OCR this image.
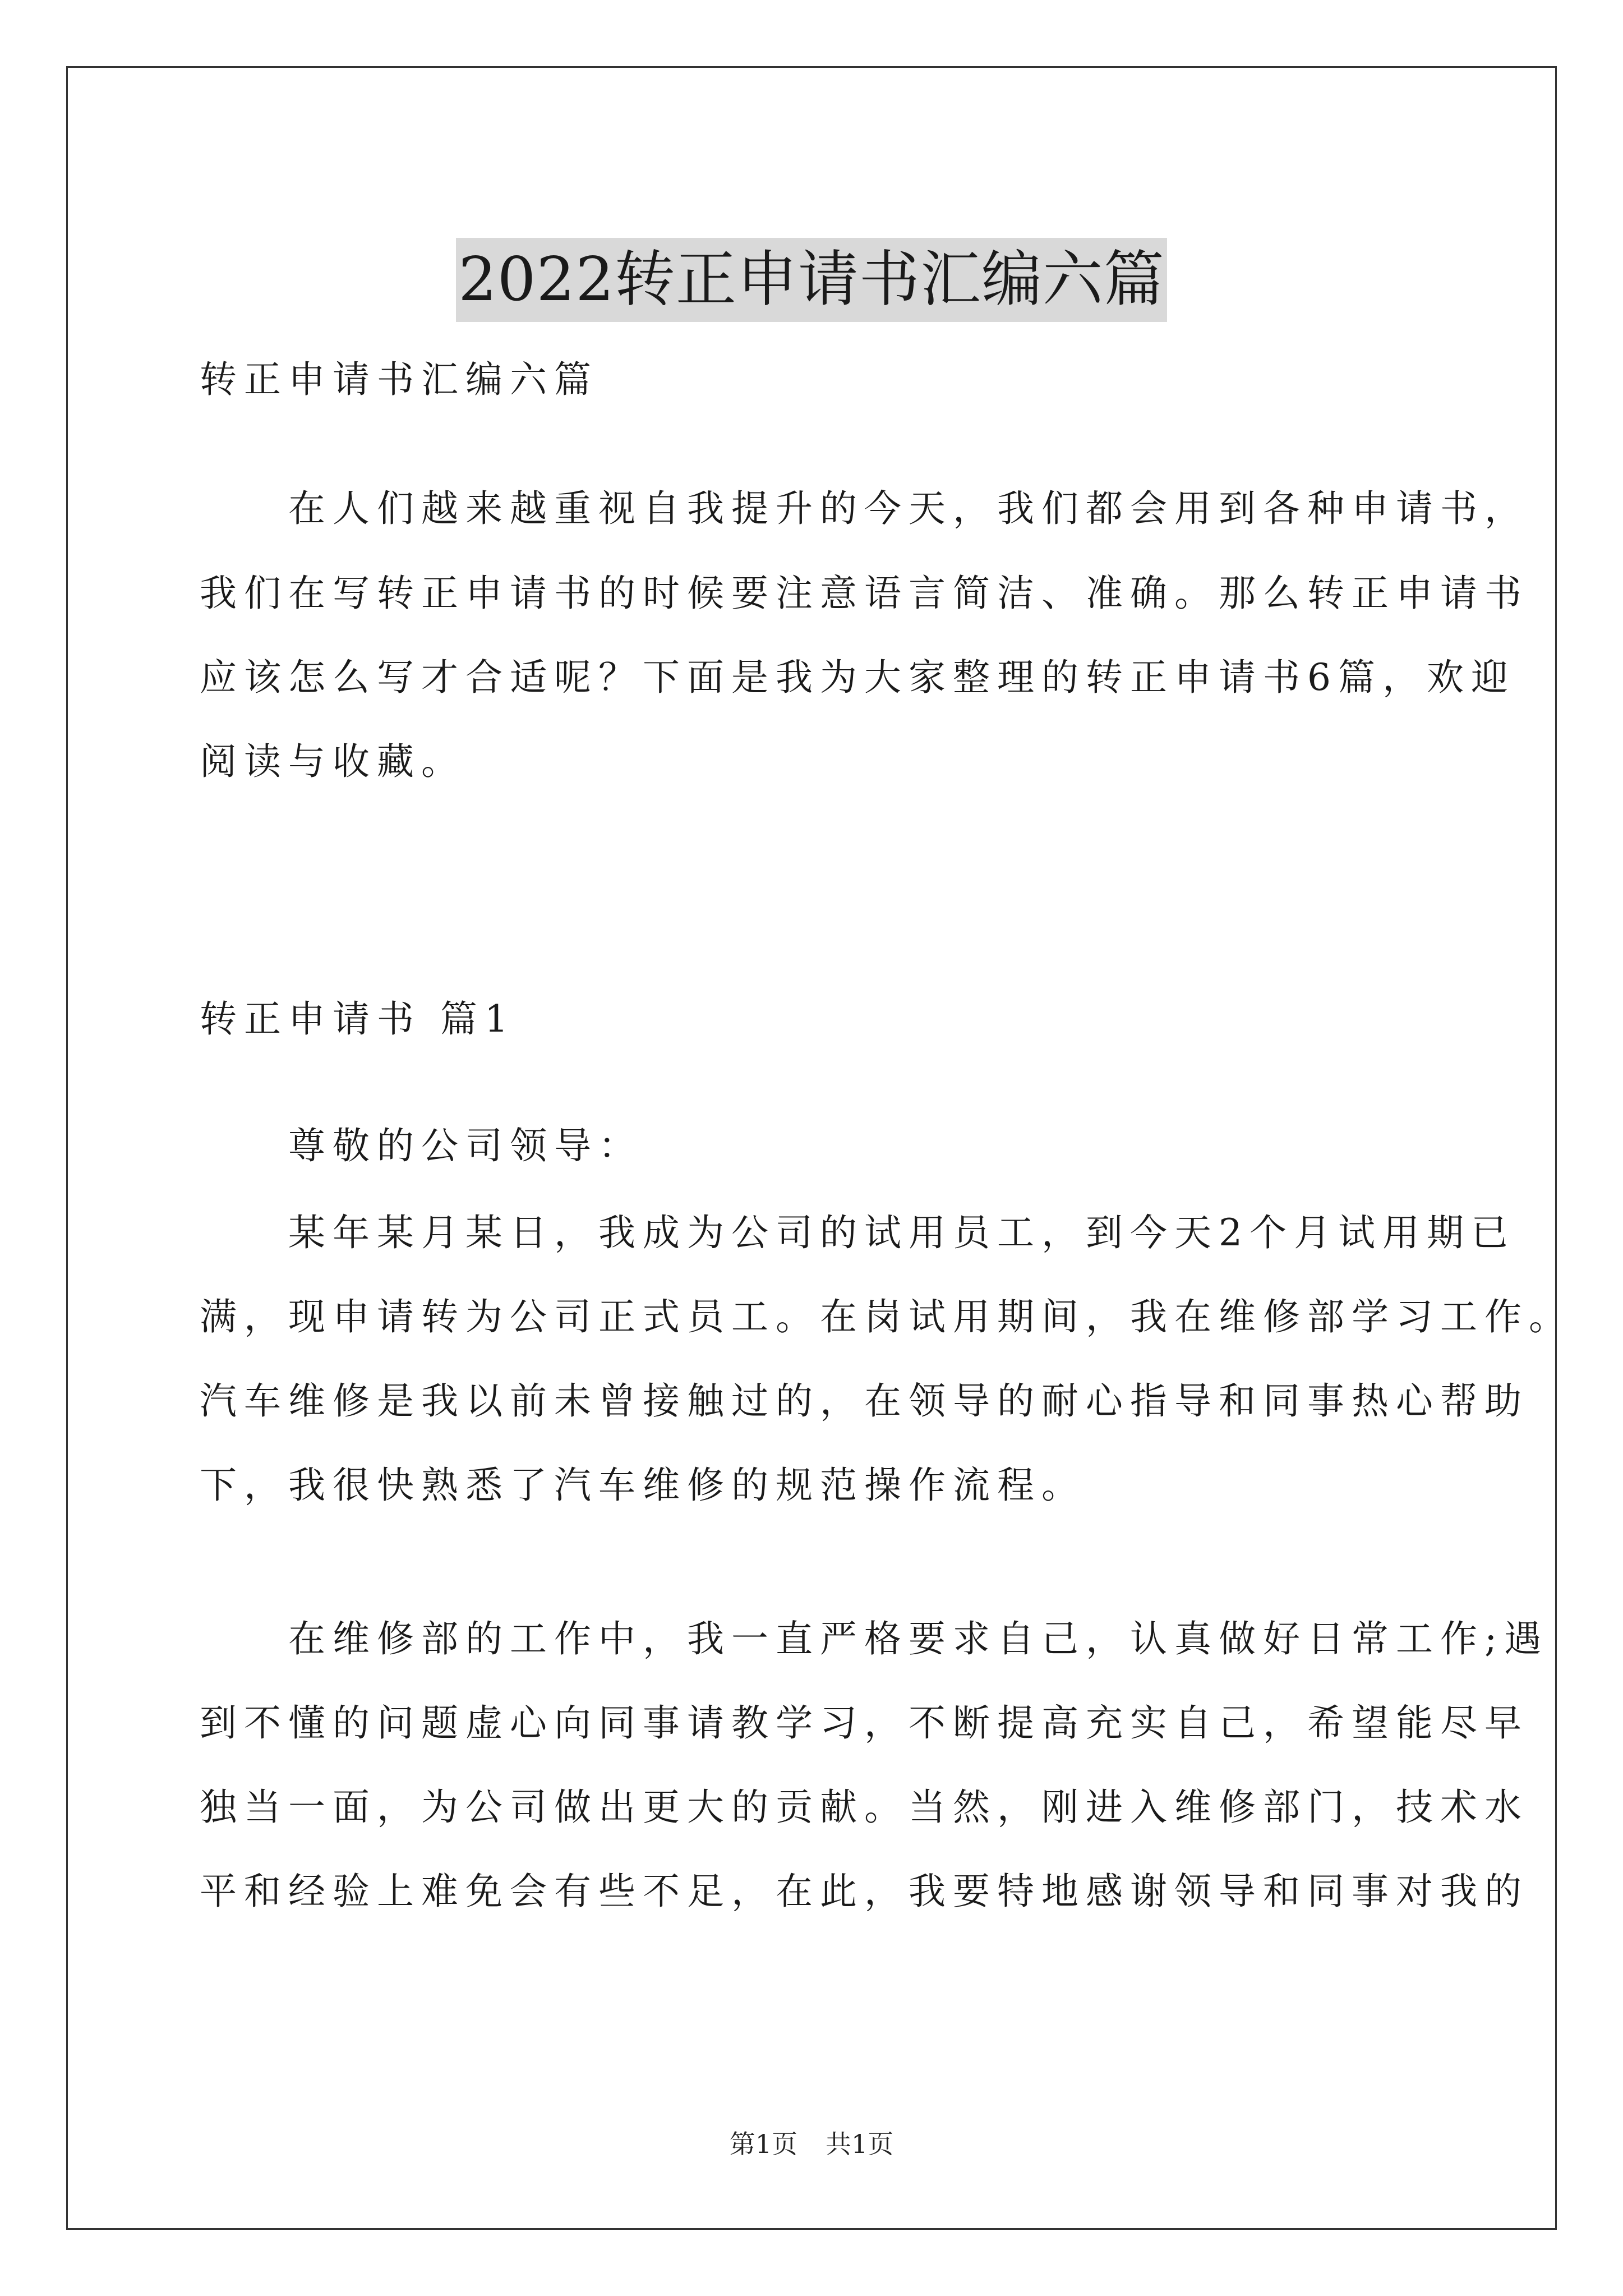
2022转正申请书汇编六篇
转正申请书汇编六篇
　　在人们越来越重视自我提升的今天，我们都会用到各种申请书，
我们在写转正申请书的时候要注意语言简洁、准确。那么转正申请书
应该怎么写才合适呢？下面是我为大家整理的转正申请书6篇，欢迎
阅读与收藏。
转正申请书 篇1
　　尊敬的公司领导：
　　某年某月某日，我成为公司的试用员工，到今天2个月试用期已
满，现申请转为公司正式员工。在岗试用期间，我在维修部学习工作。
汽车维修是我以前未曾接触过的，在领导的耐心指导和同事热心帮助
下，我很快熟悉了汽车维修的规范操作流程。
　　在维修部的工作中，我一直严格要求自己，认真做好日常工作;遇
到不懂的问题虚心向同事请教学习，不断提高充实自己，希望能尽早
独当一面，为公司做出更大的贡献。当然，刚进入维修部门，技术水
平和经验上难免会有些不足，在此，我要特地感谢领导和同事对我的
第1页 共1页
